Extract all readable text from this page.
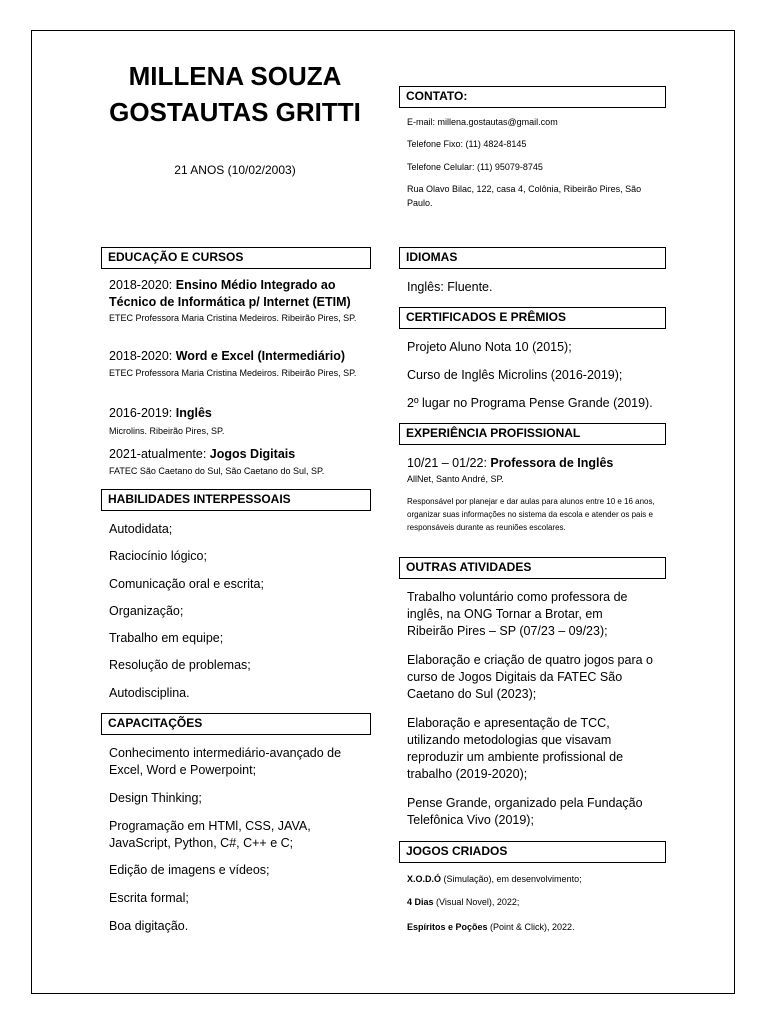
MILLENA SOUZA
GOSTAUTAS GRITTI
21 ANOS (10/02/2003)
CONTATO:
E-mail: millena.gostautas@gmail.com
Telefone Fixo: (11) 4824-8145
Telefone Celular: (11) 95079-8745
Rua Olavo Bilac, 122, casa 4, Colônia, Ribeirão Pires, São Paulo.
EDUCAÇÃO E CURSOS
2018-2020: Ensino Médio Integrado ao Técnico de Informática p/ Internet (ETIM)
ETEC Professora Maria Cristina Medeiros. Ribeirão Pires, SP.
2018-2020: Word e Excel (Intermediário)
ETEC Professora Maria Cristina Medeiros. Ribeirão Pires, SP.
2016-2019: Inglês
Microlins. Ribeirão Pires, SP.
2021-atualmente: Jogos Digitais
FATEC São Caetano do Sul, São Caetano do Sul, SP.
HABILIDADES INTERPESSOAIS
Autodidata;
Raciocínio lógico;
Comunicação oral e escrita;
Organização;
Trabalho em equipe;
Resolução de problemas;
Autodisciplina.
CAPACITAÇÕES
Conhecimento intermediário-avançado de Excel, Word e Powerpoint;
Design Thinking;
Programação em HTMl, CSS, JAVA, JavaScript, Python, C#, C++ e C;
Edição de imagens e vídeos;
Escrita formal;
Boa digitação.
IDIOMAS
Inglês: Fluente.
CERTIFICADOS E PRÊMIOS
Projeto Aluno Nota 10 (2015);
Curso de Inglês Microlins (2016-2019);
2º lugar no Programa Pense Grande (2019).
EXPERIÊNCIA PROFISSIONAL
10/21 – 01/22: Professora de Inglês
AllNet, Santo André, SP.
Responsável por planejar e dar aulas para alunos entre 10 e 16 anos, organizar suas informações no sistema da escola e atender os pais e responsáveis durante as reuniões escolares.
OUTRAS ATIVIDADES
Trabalho voluntário como professora de inglês, na ONG Tornar a Brotar, em Ribeirão Pires – SP (07/23 – 09/23);
Elaboração e criação de quatro jogos para o curso de Jogos Digitais da FATEC São Caetano do Sul (2023);
Elaboração e apresentação de TCC, utilizando metodologias que visavam reproduzir um ambiente profissional de trabalho (2019-2020);
Pense Grande, organizado pela Fundação Telefônica Vivo (2019);
JOGOS CRIADOS
X.O.D.Ó (Simulação), em desenvolvimento;
4 Dias (Visual Novel), 2022;
Espíritos e Poções (Point & Click), 2022.
